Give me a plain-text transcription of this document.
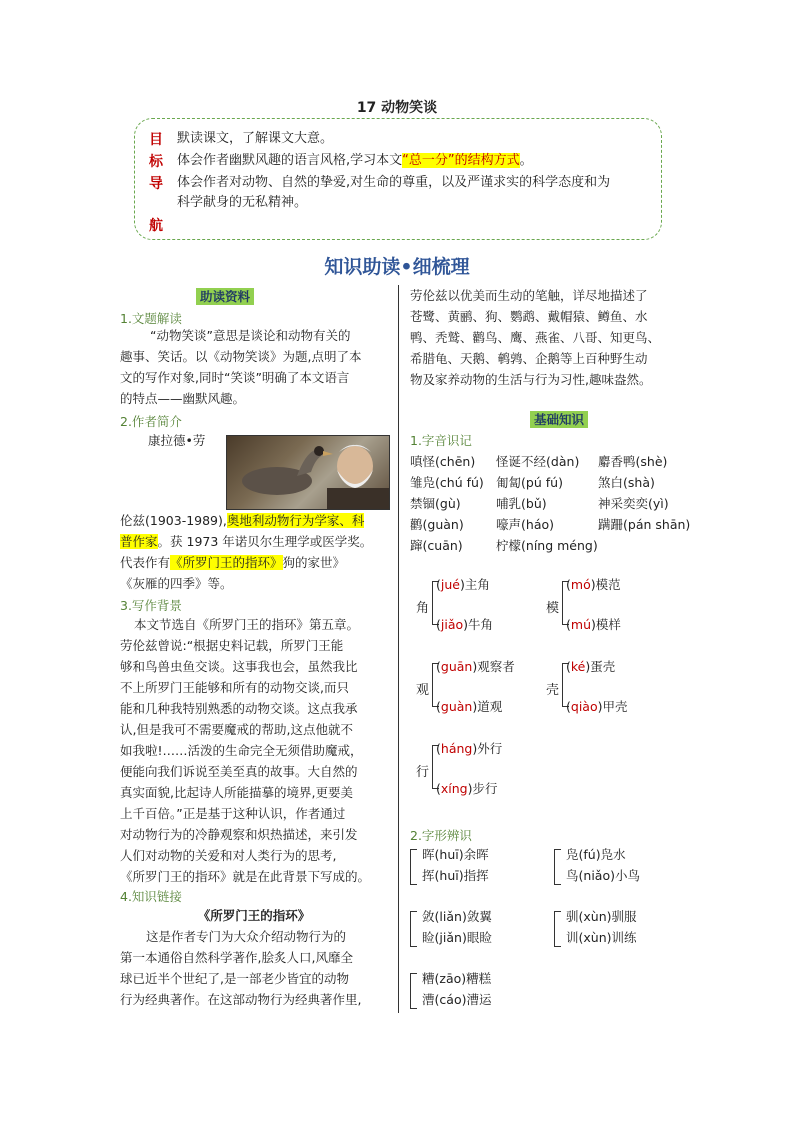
17 动物笑谈
目
标
导
航
默读课文，了解课文大意。
体会作者幽默风趣的语言风格,学习本文“总一分”的结构方式。
体会作者对动物、自然的挚爱,对生命的尊重，以及严谨求实的科学态度和为
科学献身的无私精神。
知识助读•细梳理
助读资料
1.文题解读
“动物笑谈”意思是谈论和动物有关的
趣事、笑话。以《动物笑谈》为题,点明了本
文的写作对象,同时“笑谈”明确了本文语言
的特点——幽默风趣。
2.作者简介
康拉德•劳
伦兹(1903-1989),奥地利动物行为学家、科
普作家。获 1973 年诺贝尔生理学或医学奖。
代表作有《所罗门王的指环》狗的家世》
《灰雁的四季》等。
3.写作背景
本文节选自《所罗门王的指环》第五章。
劳伦兹曾说:“根据史料记载，所罗门王能
够和鸟兽虫鱼交谈。这事我也会，虽然我比
不上所罗门王能够和所有的动物交谈,而只
能和几种我特别熟悉的动物交谈。这点我承
认,但是我可不需要魔戒的帮助,这点他就不
如我啦!……活泼的生命完全无须借助魔戒，
便能向我们诉说至美至真的故事。大自然的
真实面貌,比起诗人所能描摹的境界,更要美
上千百倍。”正是基于这种认识，作者通过
对动物行为的冷静观察和炽热描述，来引发
人们对动物的关爱和对人类行为的思考,
《所罗门王的指环》就是在此背景下写成的。
4.知识链接
《所罗门王的指环》
这是作者专门为大众介绍动物行为的
第一本通俗自然科学著作,脍炙人口,风靡全
球已近半个世纪了,是一部老少皆宜的动物
行为经典著作。在这部动物行为经典著作里,
劳伦兹以优美而生动的笔触，详尽地描述了
苍鹭、黄鹂、狗、鹦鹉、戴帽猿、鳟鱼、水
鸭、秃鹫、鹳鸟、鹰、燕雀、八哥、知更鸟、
希腊龟、天鹅、鹌鹑、企鹅等上百种野生动
物及家养动物的生活与行为习性,趣味盎然。
基础知识
1.字音识记
嗔怪(chēn) 怪诞不经(dàn) 麝香鸭(shè)
雏凫(chú fú) 匍匐(pú fú)	煞白(shà)
禁锢(gù)	哺乳(bǔ)	神采奕奕(yì)
鹳(guàn)	嚎声(háo)	蹒跚(pán shān)
蹿(cuān)	柠檬(níng méng)
角
(jué)主角
(jiǎo)牛角
模
(mó)模范
(mú)模样
观
(guān)观察者
(guàn)道观
壳
(ké)蛋壳
(qiào)甲壳
行
(háng)外行
(xíng)步行
2.字形辨识
晖(huī)余晖
挥(huī)指挥
凫(fú)凫水
鸟(niǎo)小鸟
敛(liǎn)敛翼
睑(jiǎn)眼睑
驯(xùn)驯服
训(xùn)训练
糟(zāo)糟糕
漕(cáo)漕运
